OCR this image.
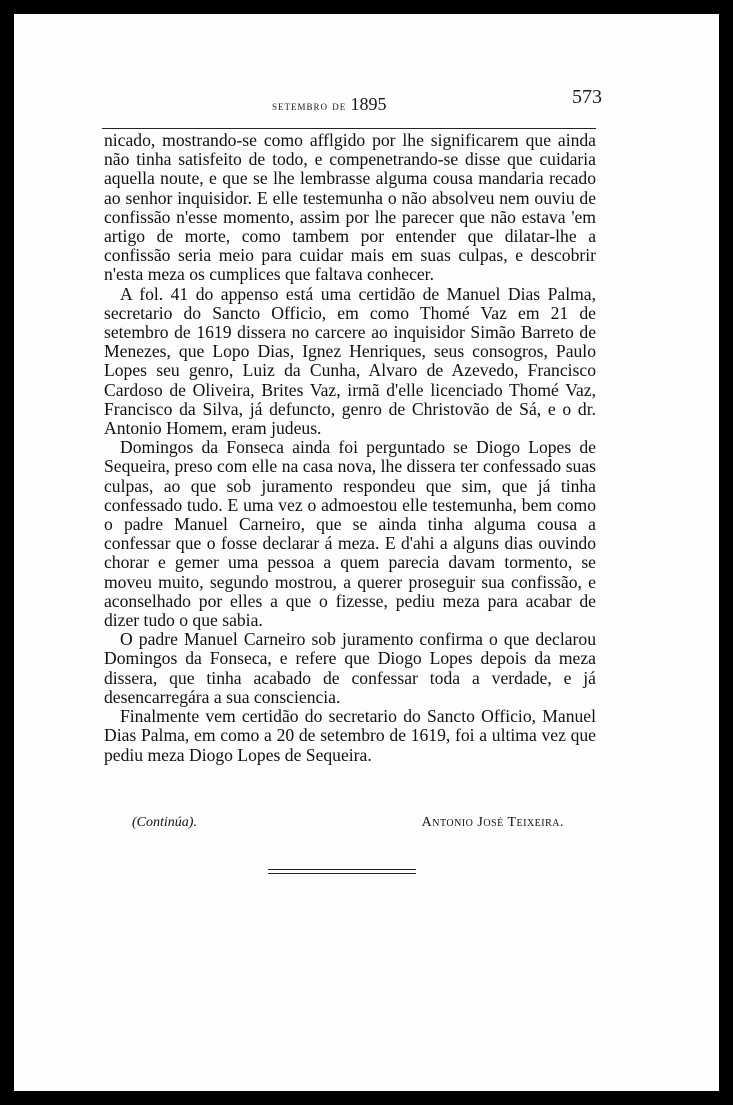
setembro de 1895	573

nicado, mostrando-se como afflgido por lhe significarem que ainda não tinha satisfeito de todo, e compenetrando-se disse que cuidaria aquella noute, e que se lhe lembrasse alguma cousa mandaria recado ao senhor inquisidor. E elle testemunha o não absolveu nem ouviu de confissão n'esse momento, assim por lhe parecer que não estava 'em artigo de morte, como tambem por entender que dilatar-lhe a confissão seria meio para cuidar mais em suas culpas, e descobrir n'esta meza os cumplices que faltava conhecer.

A fol. 41 do appenso está uma certidão de Manuel Dias Palma, secretario do Sancto Officio, em como Thomé Vaz em 21 de setembro de 1619 dissera no carcere ao inquisidor Simão Barreto de Menezes, que Lopo Dias, Ignez Henriques, seus consogros, Paulo Lopes seu genro, Luiz da Cunha, Alvaro de Azevedo, Francisco Cardoso de Oliveira, Brites Vaz, irmã d'elle licenciado Thomé Vaz, Francisco da Silva, já defuncto, genro de Christovão de Sá, e o dr. Antonio Homem, eram judeus.

Domingos da Fonseca ainda foi perguntado se Diogo Lopes de Sequeira, preso com elle na casa nova, lhe dissera ter confessado suas culpas, ao que sob juramento respondeu que sim, que já tinha confessado tudo. E uma vez o admoestou elle testemunha, bem como o padre Manuel Carneiro, que se ainda tinha alguma cousa a confessar que o fosse declarar á meza. E d'ahi a alguns dias ouvindo chorar e gemer uma pessoa a quem parecia davam tormento, se moveu muito, segundo mostrou, a querer proseguir sua confissão, e aconselhado por elles a que o fizesse, pediu meza para acabar de dizer tudo o que sabia.

O padre Manuel Carneiro sob juramento confirma o que declarou Domingos da Fonseca, e refere que Diogo Lopes depois da meza dissera, que tinha acabado de confessar toda a verdade, e já desencarregára a sua consciencia.

Finalmente vem certidão do secretario do Sancto Officio, Manuel Dias Palma, em como a 20 de setembro de 1619, foi a ultima vez que pediu meza Diogo Lopes de Sequeira.

(Continúa).	Antonio José Teixeira.
